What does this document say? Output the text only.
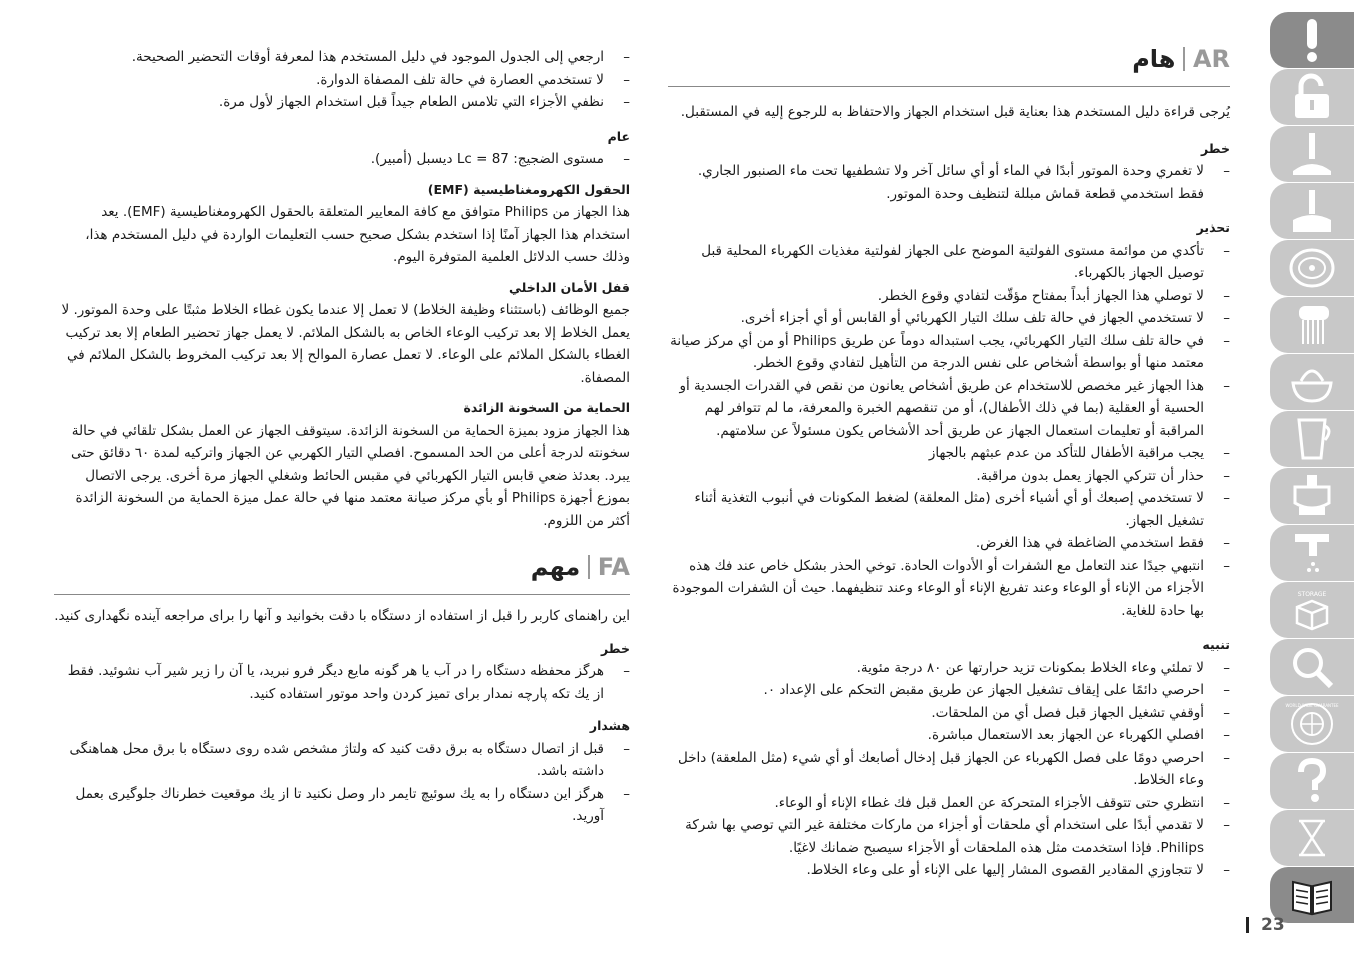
AR
هام

يُرجى قراءة دليل المستخدم هذا بعناية قبل استخدام الجهاز والاحتفاظ به للرجوع إليه في المستقبل.

خطر
– لا تغمري وحدة الموتور أبدًا في الماء أو أي سائل آخر ولا تشطفيها تحت ماء الصنبور الجاري. فقط استخدمي قطعة قماش مبللة لتنظيف وحدة الموتور.
تحذير
– تأكدي من موائمة مستوى الفولتية الموضح على الجهاز لفولتية مغذيات الكهرباء المحلية قبل توصيل الجهاز بالكهرباء.
– لا توصلي هذا الجهاز أبداً بمفتاح مؤقّت لتفادي وقوع الخطر.
– لا تستخدمي الجهاز في حالة تلف سلك التيار الكهربائي أو القابس أو أي أجزاء أخرى.
– في حالة تلف سلك التيار الكهربائي، يجب استبداله دوماً عن طريق Philips أو من أي مركز صيانة معتمد منها أو بواسطة أشخاص على نفس الدرجة من التأهيل لتفادي وقوع الخطر.
– هذا الجهاز غير مخصص للاستخدام عن طريق أشخاص يعانون من نقص في القدرات الجسدية أو الحسية أو العقلية (بما في ذلك الأطفال)، أو من تنقصهم الخبرة والمعرفة، ما لم تتوافر لهم المراقبة أو تعليمات استعمال الجهاز عن طريق أحد الأشخاص يكون مسئولاً عن سلامتهم.
– يجب مراقبة الأطفال للتأكد من عدم عبثهم بالجهاز
– حذار أن تتركي الجهاز يعمل بدون مراقبة.
– لا تستخدمي إصبعك أو أي أشياء أخرى (مثل المعلقة) لضغط المكونات في أنبوب التغذية أثناء تشغيل الجهاز.
– فقط استخدمي الضاغطة في هذا الغرض.
– انتبهي جيدًا عند التعامل مع الشفرات أو الأدوات الحادة. توخي الحذر بشكل خاص عند فك هذه الأجزاء من الإناء أو الوعاء وعند تفريغ الإناء أو الوعاء وعند تنظيفهما. حيث أن الشفرات الموجودة بها حادة للغاية.
تنبيه
– لا تملئي وعاء الخلاط بمكونات تزيد حرارتها عن ٨٠ درجة مئوية.
– احرصي دائمًا على إيقاف تشغيل الجهاز عن طريق مقبض التحكم على الإعداد ٠.
– أوقفي تشغيل الجهاز قبل فصل أي من الملحقات.
– افصلي الكهرباء عن الجهاز بعد الاستعمال مباشرة.
– احرصي دومًا على فصل الكهرباء عن الجهاز قبل إدخال أصابعك أو أي شيء (مثل الملعقة) داخل وعاء الخلاط.
– انتظري حتى تتوقف الأجزاء المتحركة عن العمل قبل فك غطاء الإناء أو الوعاء.
– لا تقدمي أبدًا على استخدام أي ملحقات أو أجزاء من ماركات مختلفة غير التي توصي بها شركة Philips. فإذا استخدمت مثل هذه الملحقات أو الأجزاء سيصبح ضمانك لاغيًا.
– لا تتجاوزي المقادير القصوى المشار إليها على الإناء أو على وعاء الخلاط.
– ارجعي إلى الجدول الموجود في دليل المستخدم هذا لمعرفة أوقات التحضير الصحيحة.
– لا تستخدمي العصارة في حالة تلف المصفاة الدوارة.
– نظفي الأجزاء التي تلامس الطعام جيداً قبل استخدام الجهاز لأول مرة.
عام
– مستوى الضجيج: Lc = 87 ديسبل (أمبير).
الحقول الكهرومغناطيسية (EMF)

هذا الجهاز من Philips متوافق مع كافة المعايير المتعلقة بالحقول الكهرومغناطيسية (EMF). يعد استخدام هذا الجهاز آمنًا إذا استخدم بشكل صحيح حسب التعليمات الواردة في دليل المستخدم هذا، وذلك حسب الدلائل العلمية المتوفرة اليوم.

قفل الأمان الداخلي

جميع الوظائف (باستثناء وظيفة الخلاط) لا تعمل إلا عندما يكون غطاء الخلاط مثبتًا على وحدة الموتور. لا يعمل الخلاط إلا بعد تركيب الوعاء الخاص به بالشكل الملائم. لا يعمل جهاز تحضير الطعام إلا بعد تركيب الغطاء بالشكل الملائم على الوعاء. لا تعمل عصارة الموالح إلا بعد تركيب المخروط بالشكل الملائم في المصفاة.

الحماية من السخونة الزائدة

هذا الجهاز مزود بميزة الحماية من السخونة الزائدة. سيتوقف الجهاز عن العمل بشكل تلقائي في حالة سخونته لدرجة أعلى من الحد المسموح. افصلي التيار الكهربي عن الجهاز واتركيه لمدة ٦٠ دقائق حتى يبرد. بعدئذ ضعي قابس التيار الكهربائي في مقبس الحائط وشغلي الجهاز مرة أخرى. يرجى الاتصال بموزع أجهزة Philips أو بأي مركز صيانة معتمد منها في حالة عمل ميزة الحماية من السخونة الزائدة أكثر من اللزوم.

FA
مهم

این راهنمای کاربر را قبل از استفاده از دستگاه با دقت بخوانید و آنها را برای مراجعه آینده نگهداری کنید.

خطر
– هرگز محفظه دستگاه را در آب یا هر گونه مایع دیگر فرو نبرید، یا آن را زیر شیر آب نشوئید. فقط از یك تكه پارچه نمدار برای تمیز كردن واحد موتور استفاده كنید.
هشدار
– قبل از اتصال دستگاه به برق دقت کنید که ولتاژ مشخص شده روی دستگاه با برق محل هماهنگی داشته باشد.
– هرگز این دستگاه را به یك سوئیچ تایمر دار وصل نكنید تا از یك موقعیت خطرناك جلوگیری بعمل آورید.
STORAGE
WORLD-WIDE GUARANTEE
23
